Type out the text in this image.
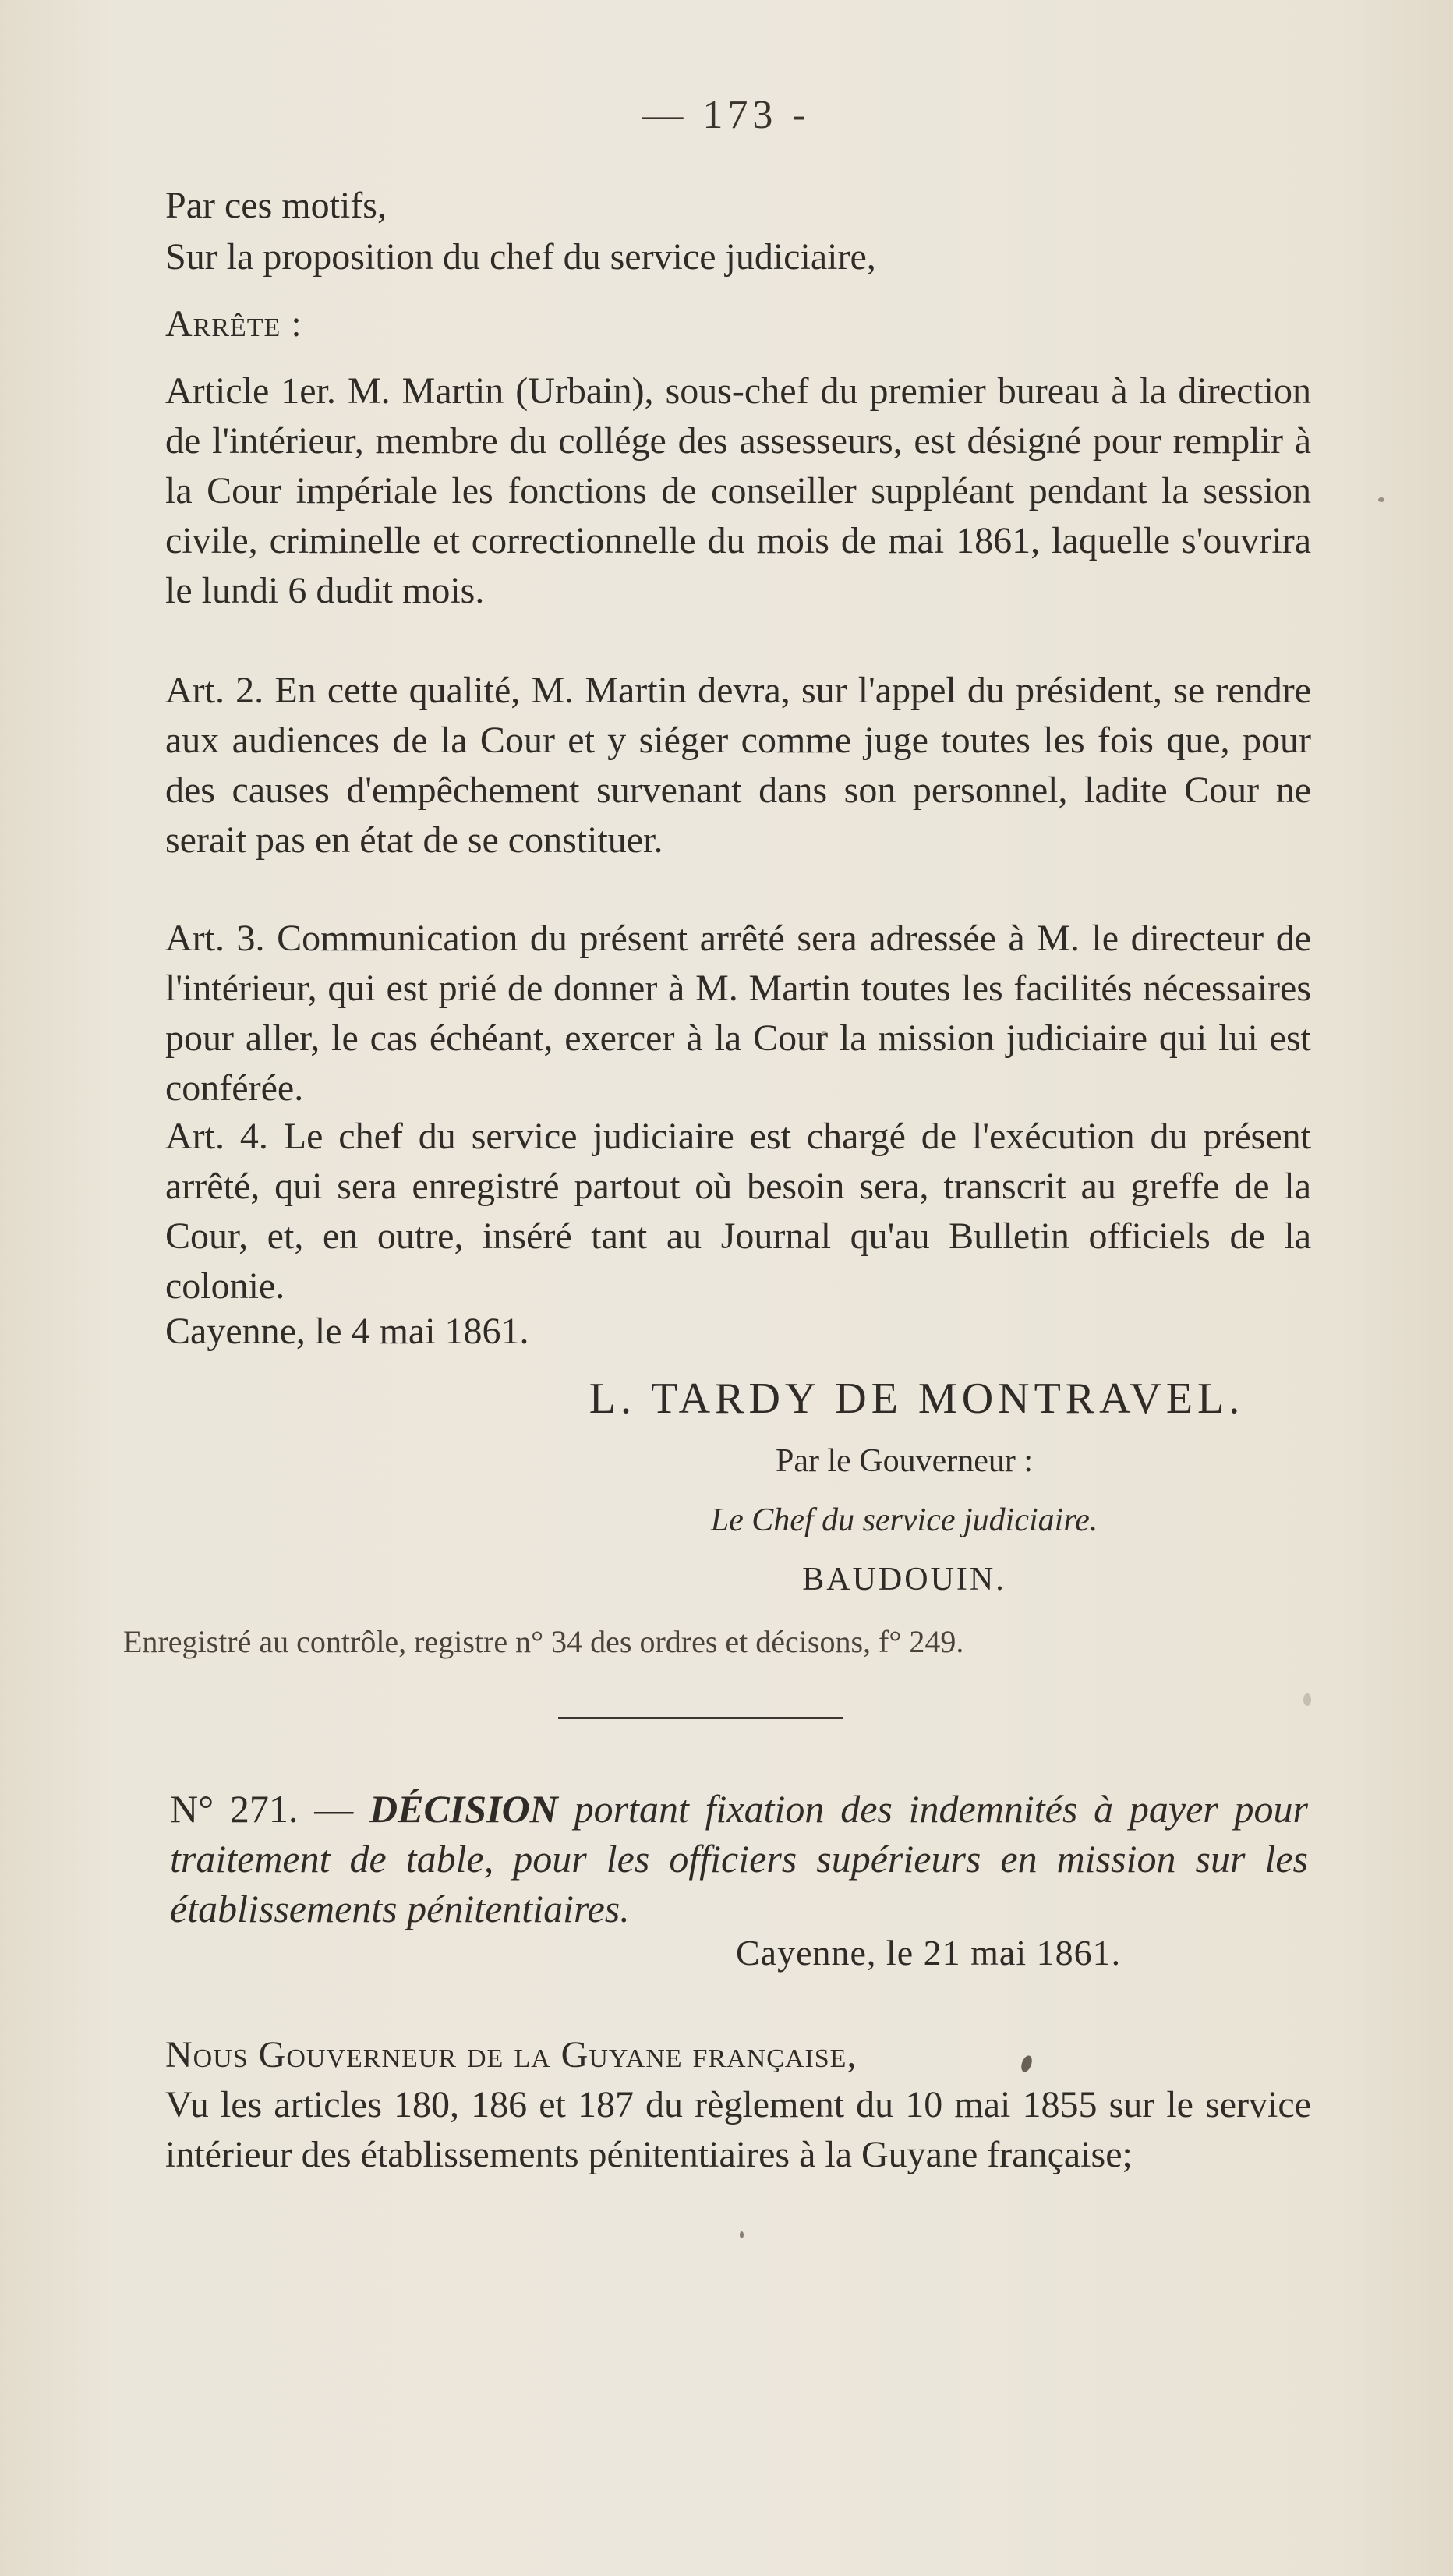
— 173 -
Par ces motifs,
Sur la proposition du chef du service judiciaire,
Arrête :
Article 1er. M. Martin (Urbain), sous-chef du premier bureau à la direction de l'intérieur, membre du collége des assesseurs, est désigné pour remplir à la Cour impériale les fonctions de conseiller suppléant pendant la session civile, criminelle et correctionnelle du mois de mai 1861, laquelle s'ouvrira le lundi 6 dudit mois.
Art. 2. En cette qualité, M. Martin devra, sur l'appel du président, se rendre aux audiences de la Cour et y siéger comme juge toutes les fois que, pour des causes d'empêchement survenant dans son personnel, ladite Cour ne serait pas en état de se constituer.
Art. 3. Communication du présent arrêté sera adressée à M. le directeur de l'intérieur, qui est prié de donner à M. Martin toutes les facilités nécessaires pour aller, le cas échéant, exercer à la Cour la mission judiciaire qui lui est conférée.
Art. 4. Le chef du service judiciaire est chargé de l'exécution du présent arrêté, qui sera enregistré partout où besoin sera, transcrit au greffe de la Cour, et, en outre, inséré tant au Journal qu'au Bulletin officiels de la colonie.
Cayenne, le 4 mai 1861.
L. TARDY DE MONTRAVEL.
Par le Gouverneur :
Le Chef du service judiciaire.
BAUDOUIN.
Enregistré au contrôle, registre n° 34 des ordres et décisons, f° 249.
N° 271. — DÉCISION portant fixation des indemnités à payer pour traitement de table, pour les officiers supérieurs en mission sur les établissements pénitentiaires.
Cayenne, le 21 mai 1861.
Nous Gouverneur de la Guyane française,
Vu les articles 180, 186 et 187 du règlement du 10 mai 1855 sur le service intérieur des établissements pénitentiaires à la Guyane française;
